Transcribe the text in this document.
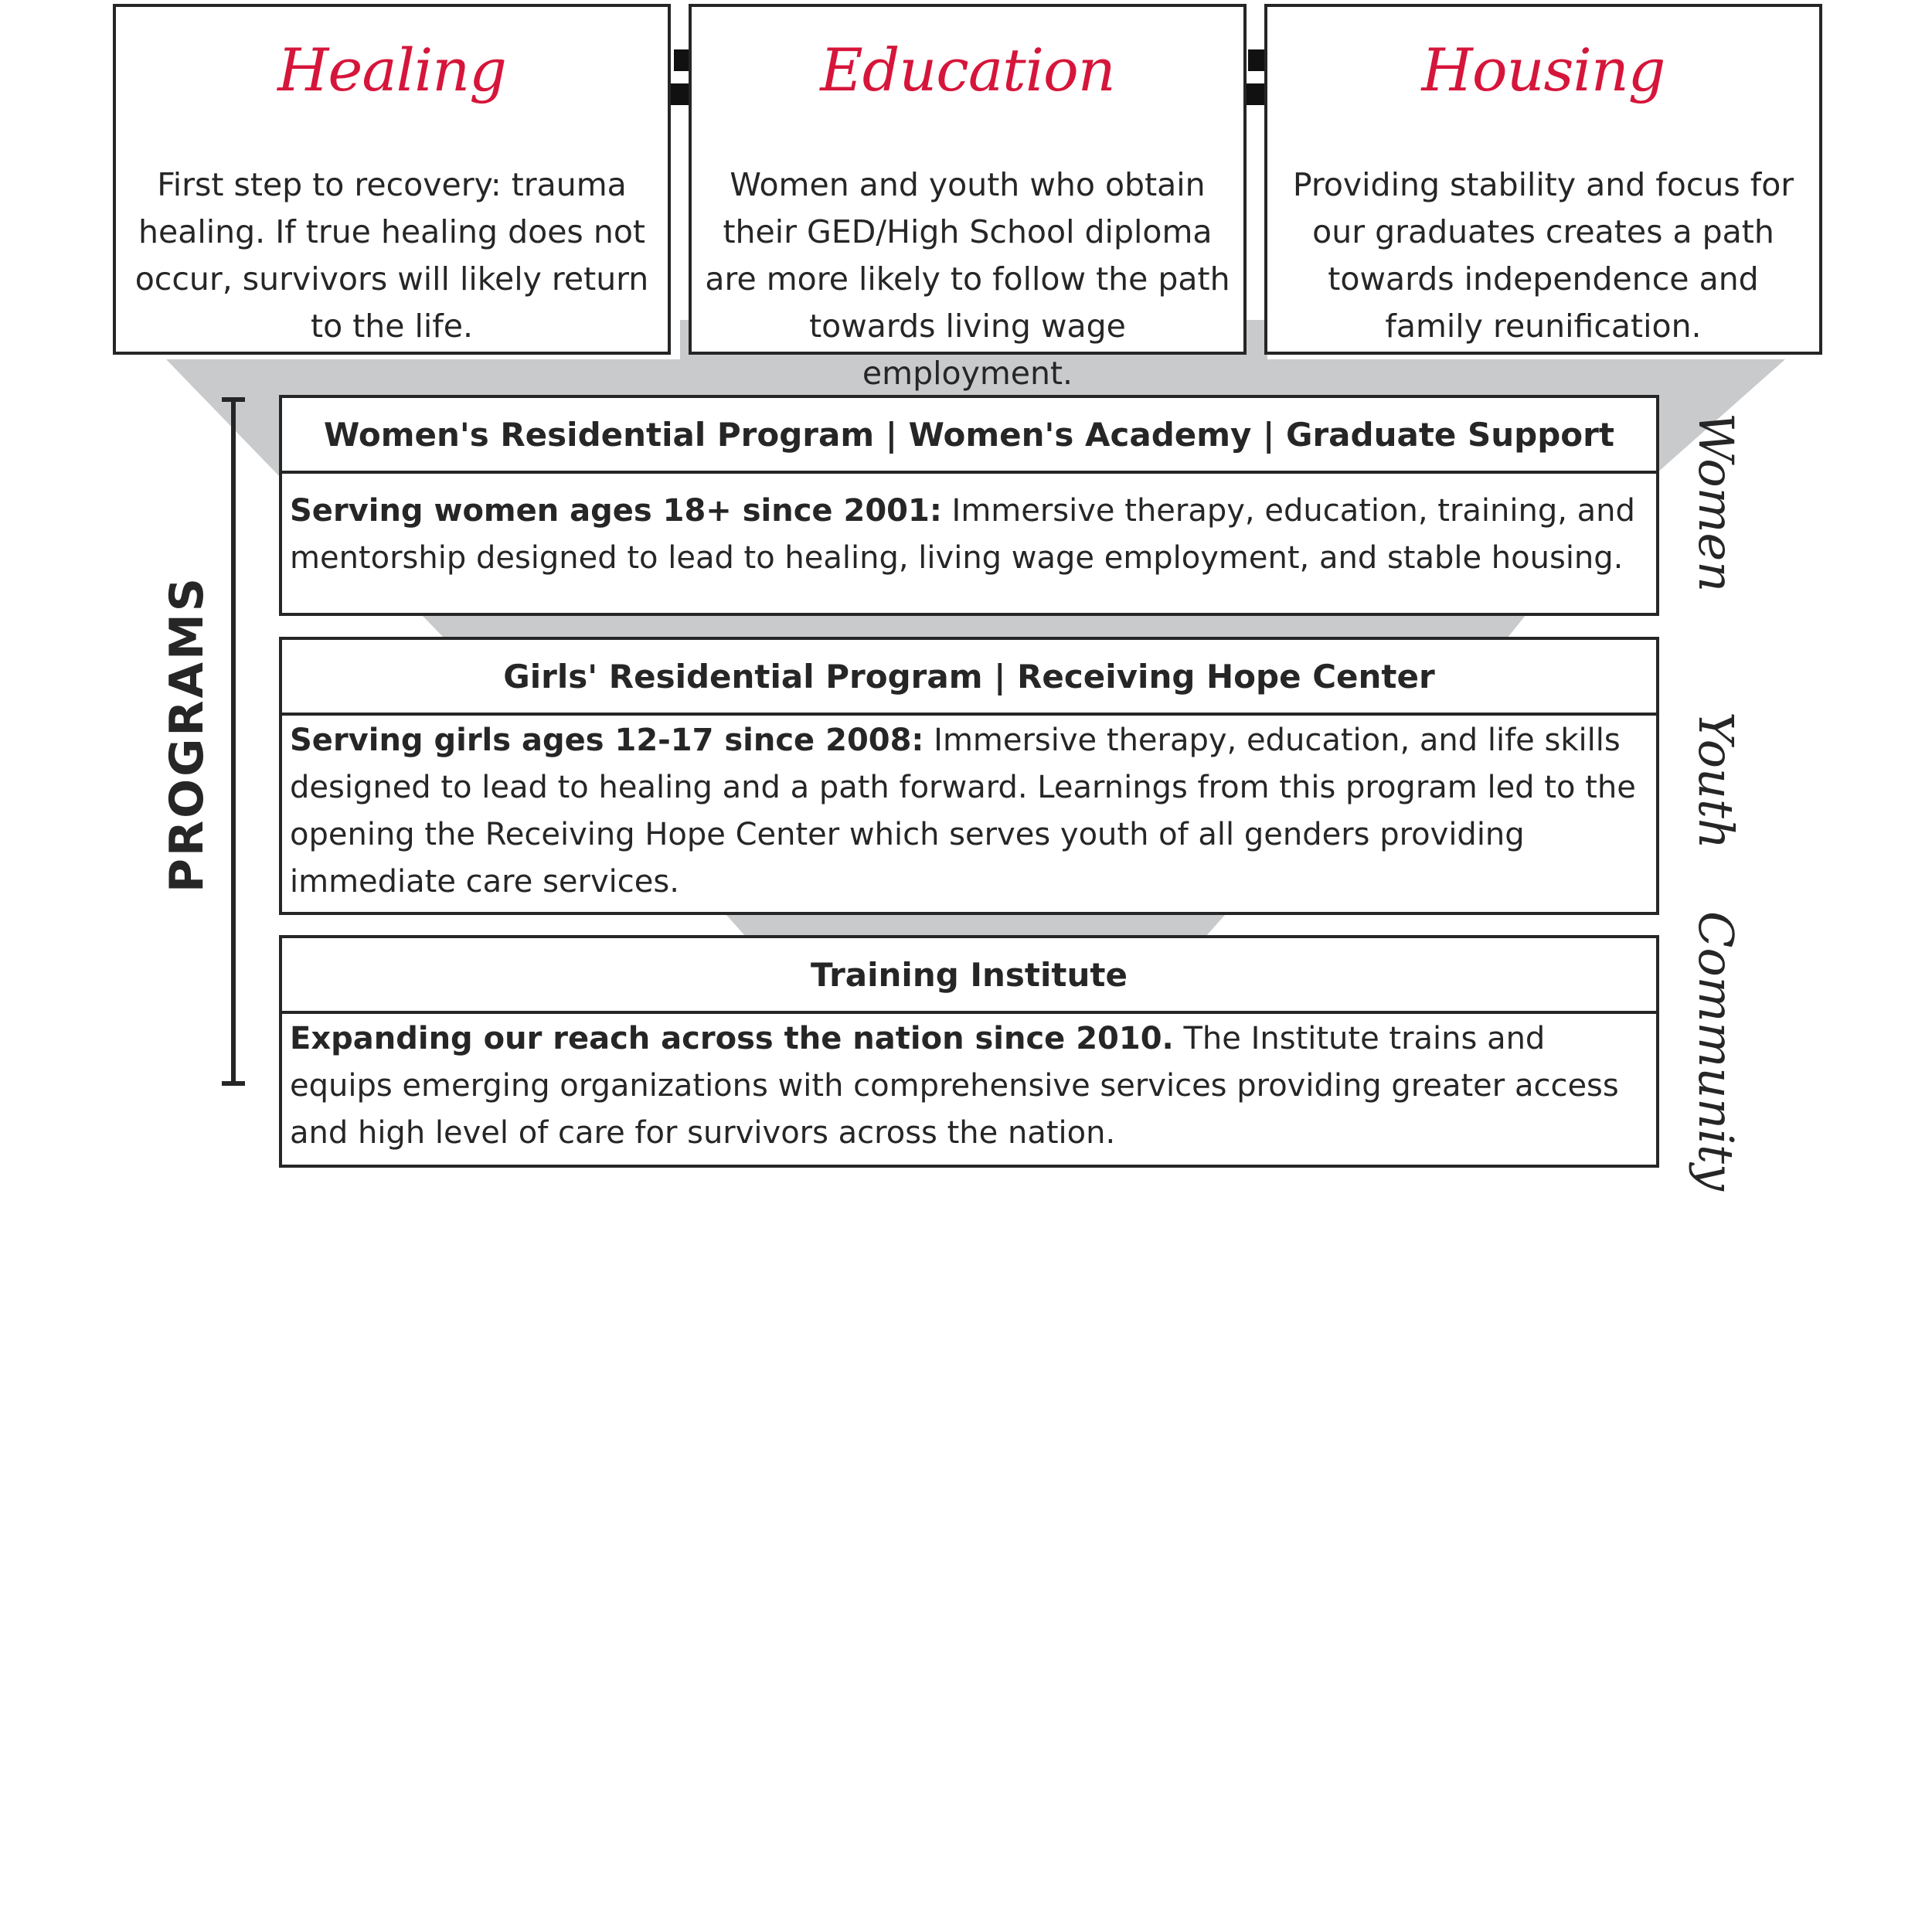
Healing
First step to recovery: trauma healing. If true healing does not occur, survivors will likely return to the life.
Education
Women and youth who obtain their GED/High School diploma are more likely to follow the path towards living wage employment.
Housing
Providing stability and focus for our graduates creates a path towards independence and family reunification.
PROGRAMS
Women's Residential Program | Women's Academy | Graduate Support
Serving women ages 18+ since 2001: Immersive therapy, education, training, and mentorship designed to lead to healing, living wage employment, and stable housing.
Girls' Residential Program | Receiving Hope Center
Serving girls ages 12-17 since 2008: Immersive therapy, education, and life skills designed to lead to healing and a path forward. Learnings from this program led to the opening the Receiving Hope Center which serves youth of all genders providing immediate care services.
Training Institute
Expanding our reach across the nation since 2010. The Institute trains and equips emerging organizations with comprehensive services providing greater access and high level of care for survivors across the nation.
Women
Youth
Community
